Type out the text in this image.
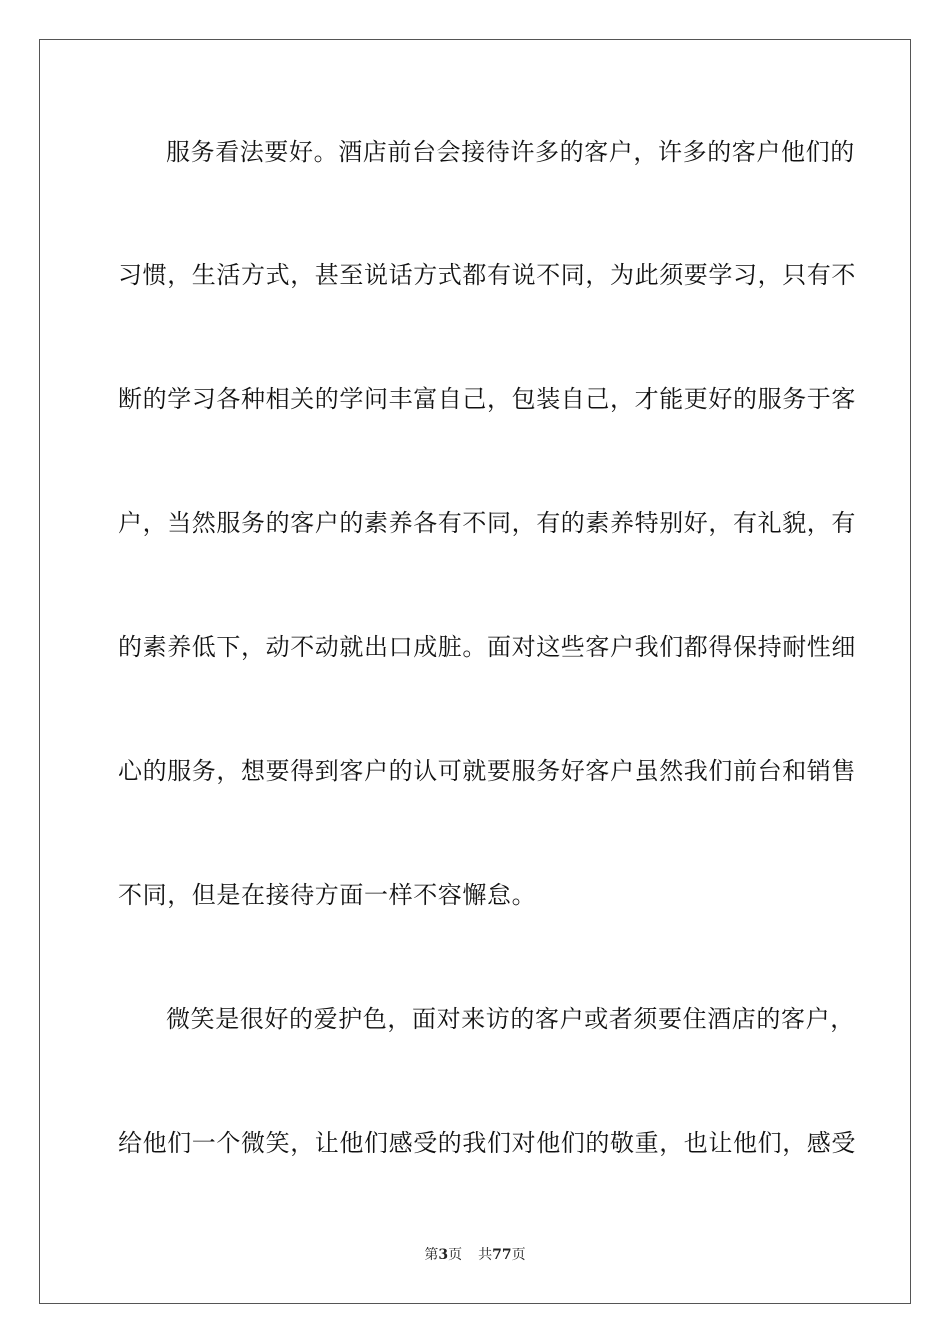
服务看法要好。酒店前台会接待许多的客户，许多的客户他们的
习惯，生活方式，甚至说话方式都有说不同，为此须要学习，只有不
断的学习各种相关的学问丰富自己，包装自己，才能更好的服务于客
户，当然服务的客户的素养各有不同，有的素养特别好，有礼貌，有
的素养低下，动不动就出口成脏。面对这些客户我们都得保持耐性细
心的服务，想要得到客户的认可就要服务好客户虽然我们前台和销售
不同，但是在接待方面一样不容懈怠。
微笑是很好的爱护色，面对来访的客户或者须要住酒店的客户，
给他们一个微笑，让他们感受的我们对他们的敬重，也让他们，感受
第3页 共77页
